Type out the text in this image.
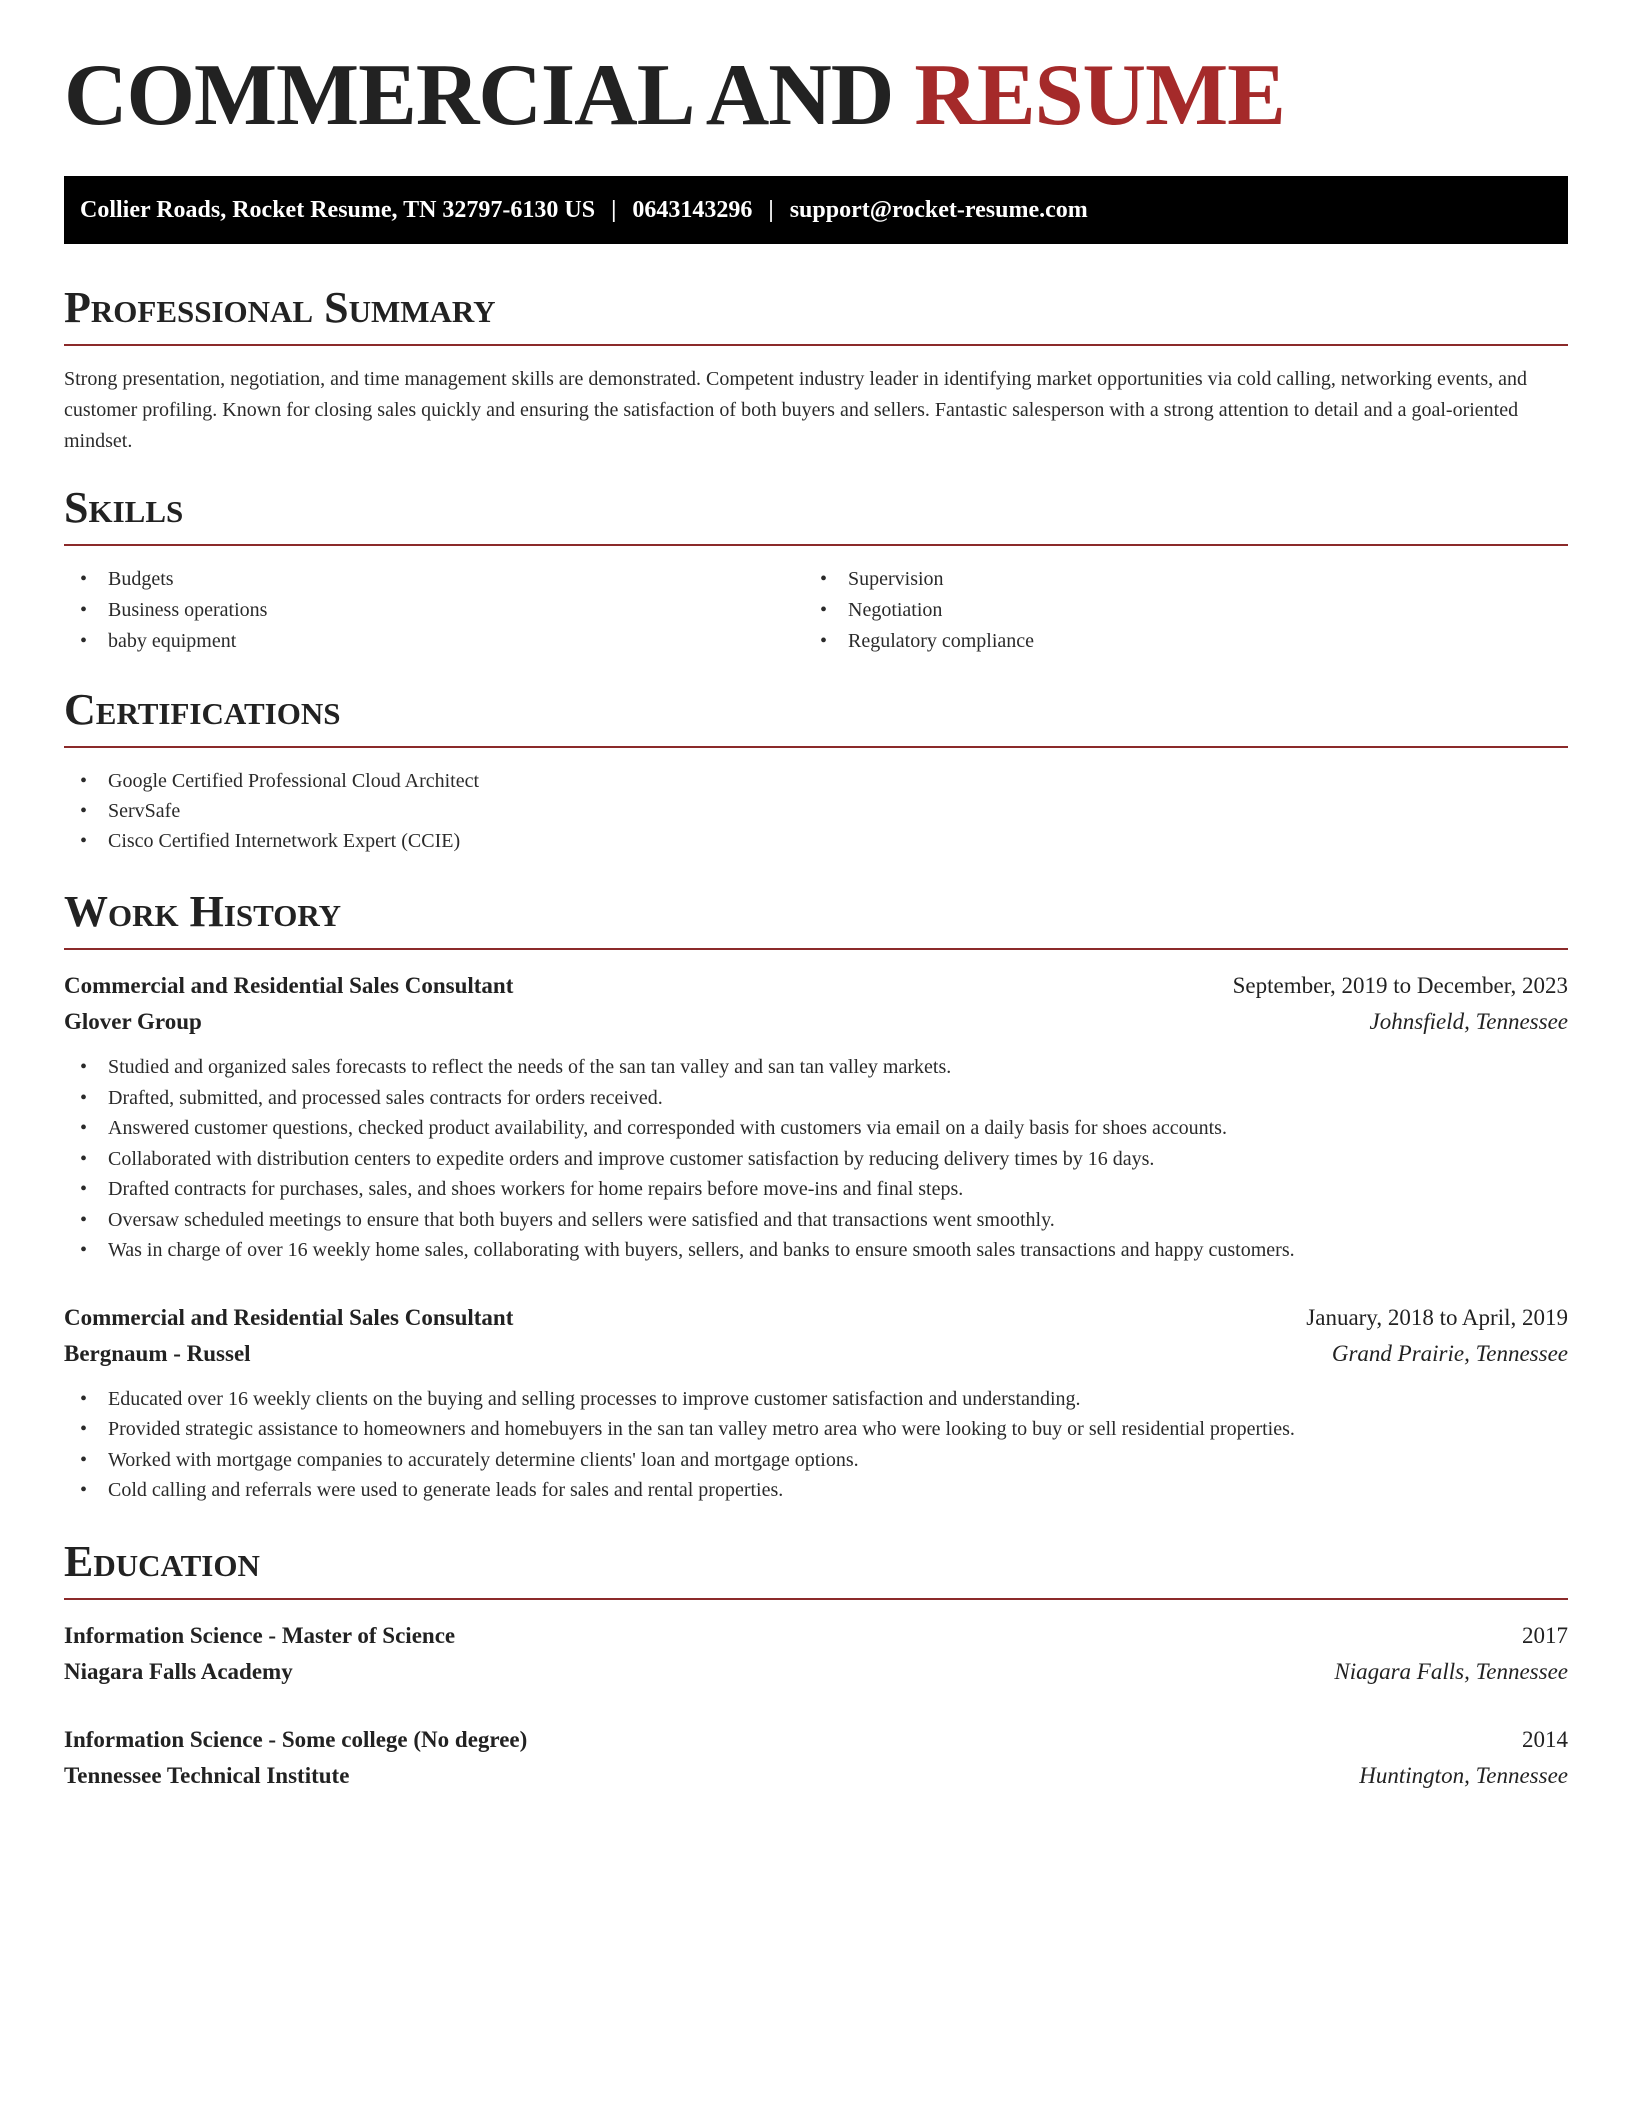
COMMERCIAL AND RESUME
Collier Roads, Rocket Resume, TN 32797-6130 US | 0643143296 | support@rocket-resume.com
Professional Summary

Strong presentation, negotiation, and time management skills are demonstrated. Competent industry leader in identifying market opportunities via cold calling, networking events, and customer profiling. Known for closing sales quickly and ensuring the satisfaction of both buyers and sellers. Fantastic salesperson with a strong attention to detail and a goal-oriented mindset.

Skills
• Budgets
• Business operations
• baby equipment
• Supervision
• Negotiation
• Regulatory compliance
Certifications
• Google Certified Professional Cloud Architect
• ServSafe
• Cisco Certified Internetwork Expert (CCIE)
Work History
Commercial and Residential Sales Consultant	September, 2019 to December, 2023
Glover Group	Johnsfield, Tennessee
• Studied and organized sales forecasts to reflect the needs of the san tan valley and san tan valley markets.
• Drafted, submitted, and processed sales contracts for orders received.
• Answered customer questions, checked product availability, and corresponded with customers via email on a daily basis for shoes accounts.
• Collaborated with distribution centers to expedite orders and improve customer satisfaction by reducing delivery times by 16 days.
• Drafted contracts for purchases, sales, and shoes workers for home repairs before move-ins and final steps.
• Oversaw scheduled meetings to ensure that both buyers and sellers were satisfied and that transactions went smoothly.
• Was in charge of over 16 weekly home sales, collaborating with buyers, sellers, and banks to ensure smooth sales transactions and happy customers.
Commercial and Residential Sales Consultant	January, 2018 to April, 2019
Bergnaum - Russel	Grand Prairie, Tennessee
• Educated over 16 weekly clients on the buying and selling processes to improve customer satisfaction and understanding.
• Provided strategic assistance to homeowners and homebuyers in the san tan valley metro area who were looking to buy or sell residential properties.
• Worked with mortgage companies to accurately determine clients' loan and mortgage options.
• Cold calling and referrals were used to generate leads for sales and rental properties.
Education
Information Science - Master of Science	2017
Niagara Falls Academy	Niagara Falls, Tennessee
Information Science - Some college (No degree)	2014
Tennessee Technical Institute	Huntington, Tennessee
